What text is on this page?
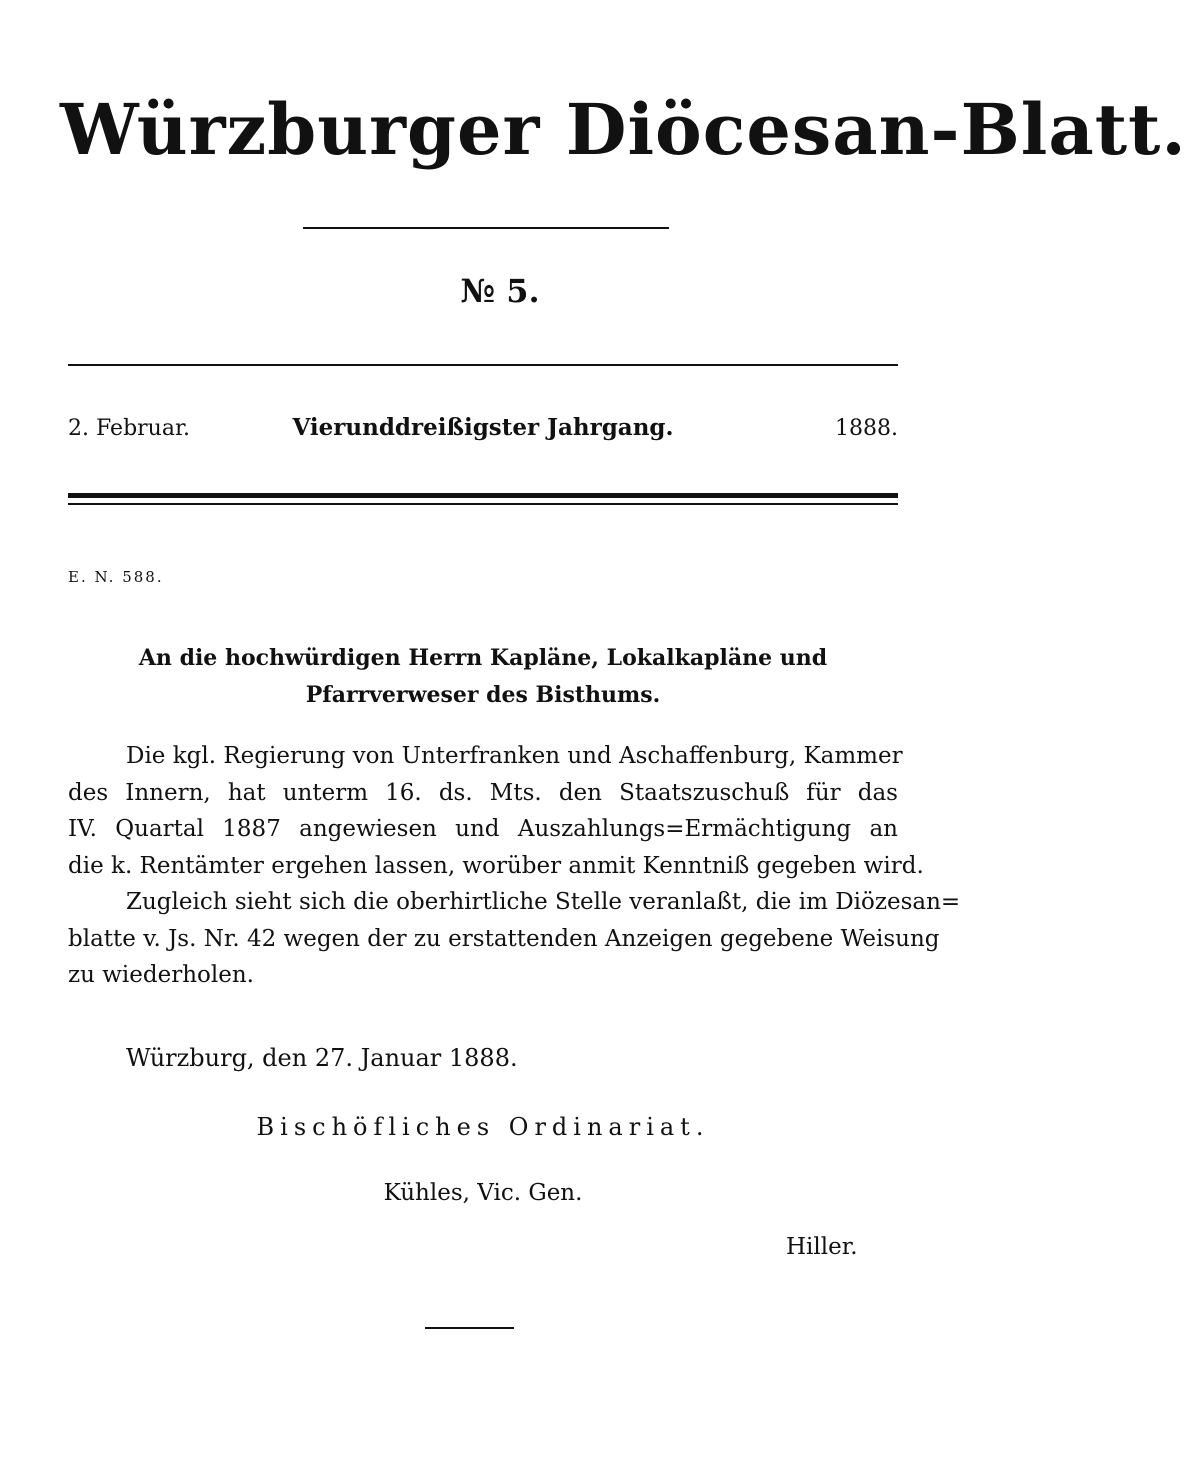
Würzburger Diöcesan-Blatt.
№ 5.
2. Februar.	Vierunddreißigster Jahrgang.	1888.
E. N. 588.
An die hochwürdigen Herrn Kapläne, Lokalkapläne und
Pfarrverweser des Bisthums.
Die kgl. Regierung von Unterfranken und Aschaffenburg, Kammer
des Innern, hat unterm 16. ds. Mts. den Staatszuschuß für das
IV. Quartal 1887 angewiesen und Auszahlungs=Ermächtigung an
die k. Rentämter ergehen lassen, worüber anmit Kenntniß gegeben wird.
Zugleich sieht sich die oberhirtliche Stelle veranlaßt, die im Diözesan=
blatte v. Js. Nr. 42 wegen der zu erstattenden Anzeigen gegebene Weisung
zu wiederholen.
Würzburg, den 27. Januar 1888.
Bischöfliches Ordinariat.
Kühles, Vic. Gen.
Hiller.
